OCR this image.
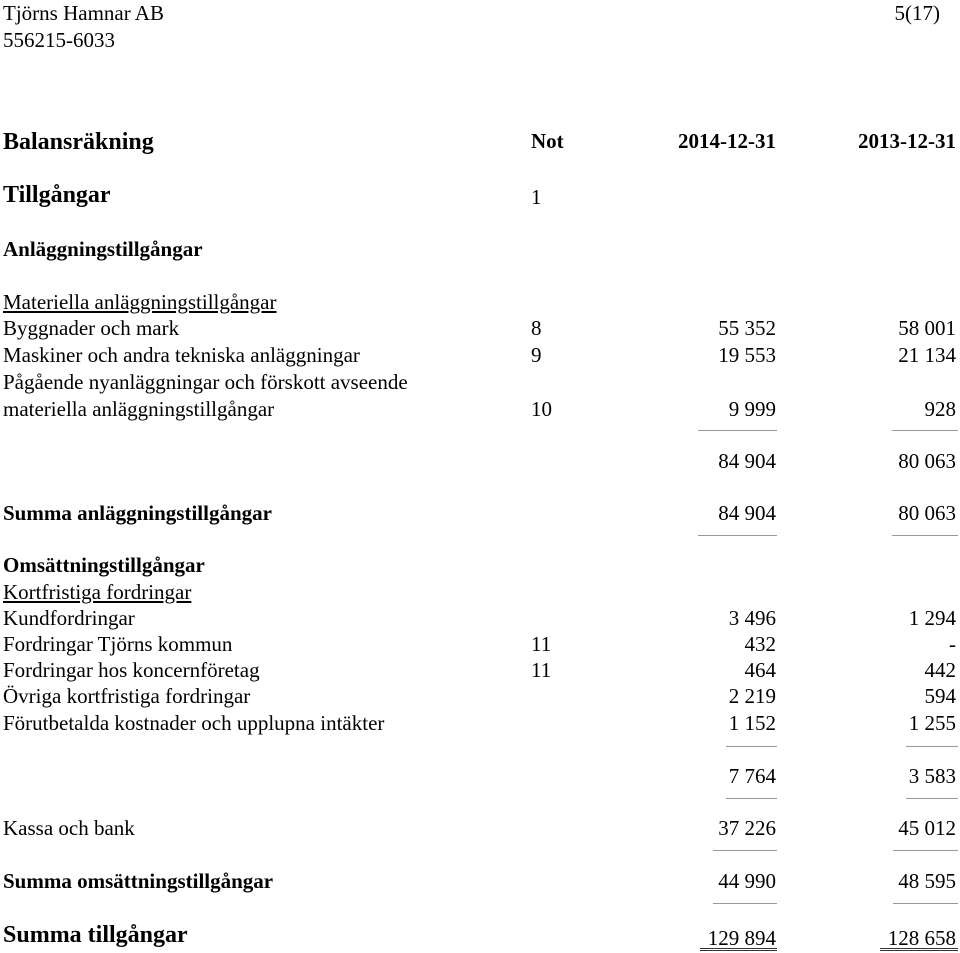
Tjörns Hamnar AB
556215-6033
5(17)
Balansräkning	Not	2014-12-31	2013-12-31
Tillgångar	1
Anläggningstillgångar
Materiella anläggningstillgångar
Byggnader och mark	8	55 352	58 001
Maskiner och andra tekniska anläggningar	9	19 553	21 134
Pågående nyanläggningar och förskott avseende
materiella anläggningstillgångar	10	9 999	928
84 904	80 063
Summa anläggningstillgångar	84 904	80 063
Omsättningstillgångar
Kortfristiga fordringar
Kundfordringar	3 496	1 294
Fordringar Tjörns kommun	11	432	-
Fordringar hos koncernföretag	11	464	442
Övriga kortfristiga fordringar	2 219	594
Förutbetalda kostnader och upplupna intäkter	1 152	1 255
7 764	3 583
Kassa och bank	37 226	45 012
Summa omsättningstillgångar	44 990	48 595
Summa tillgångar	129 894	128 658
